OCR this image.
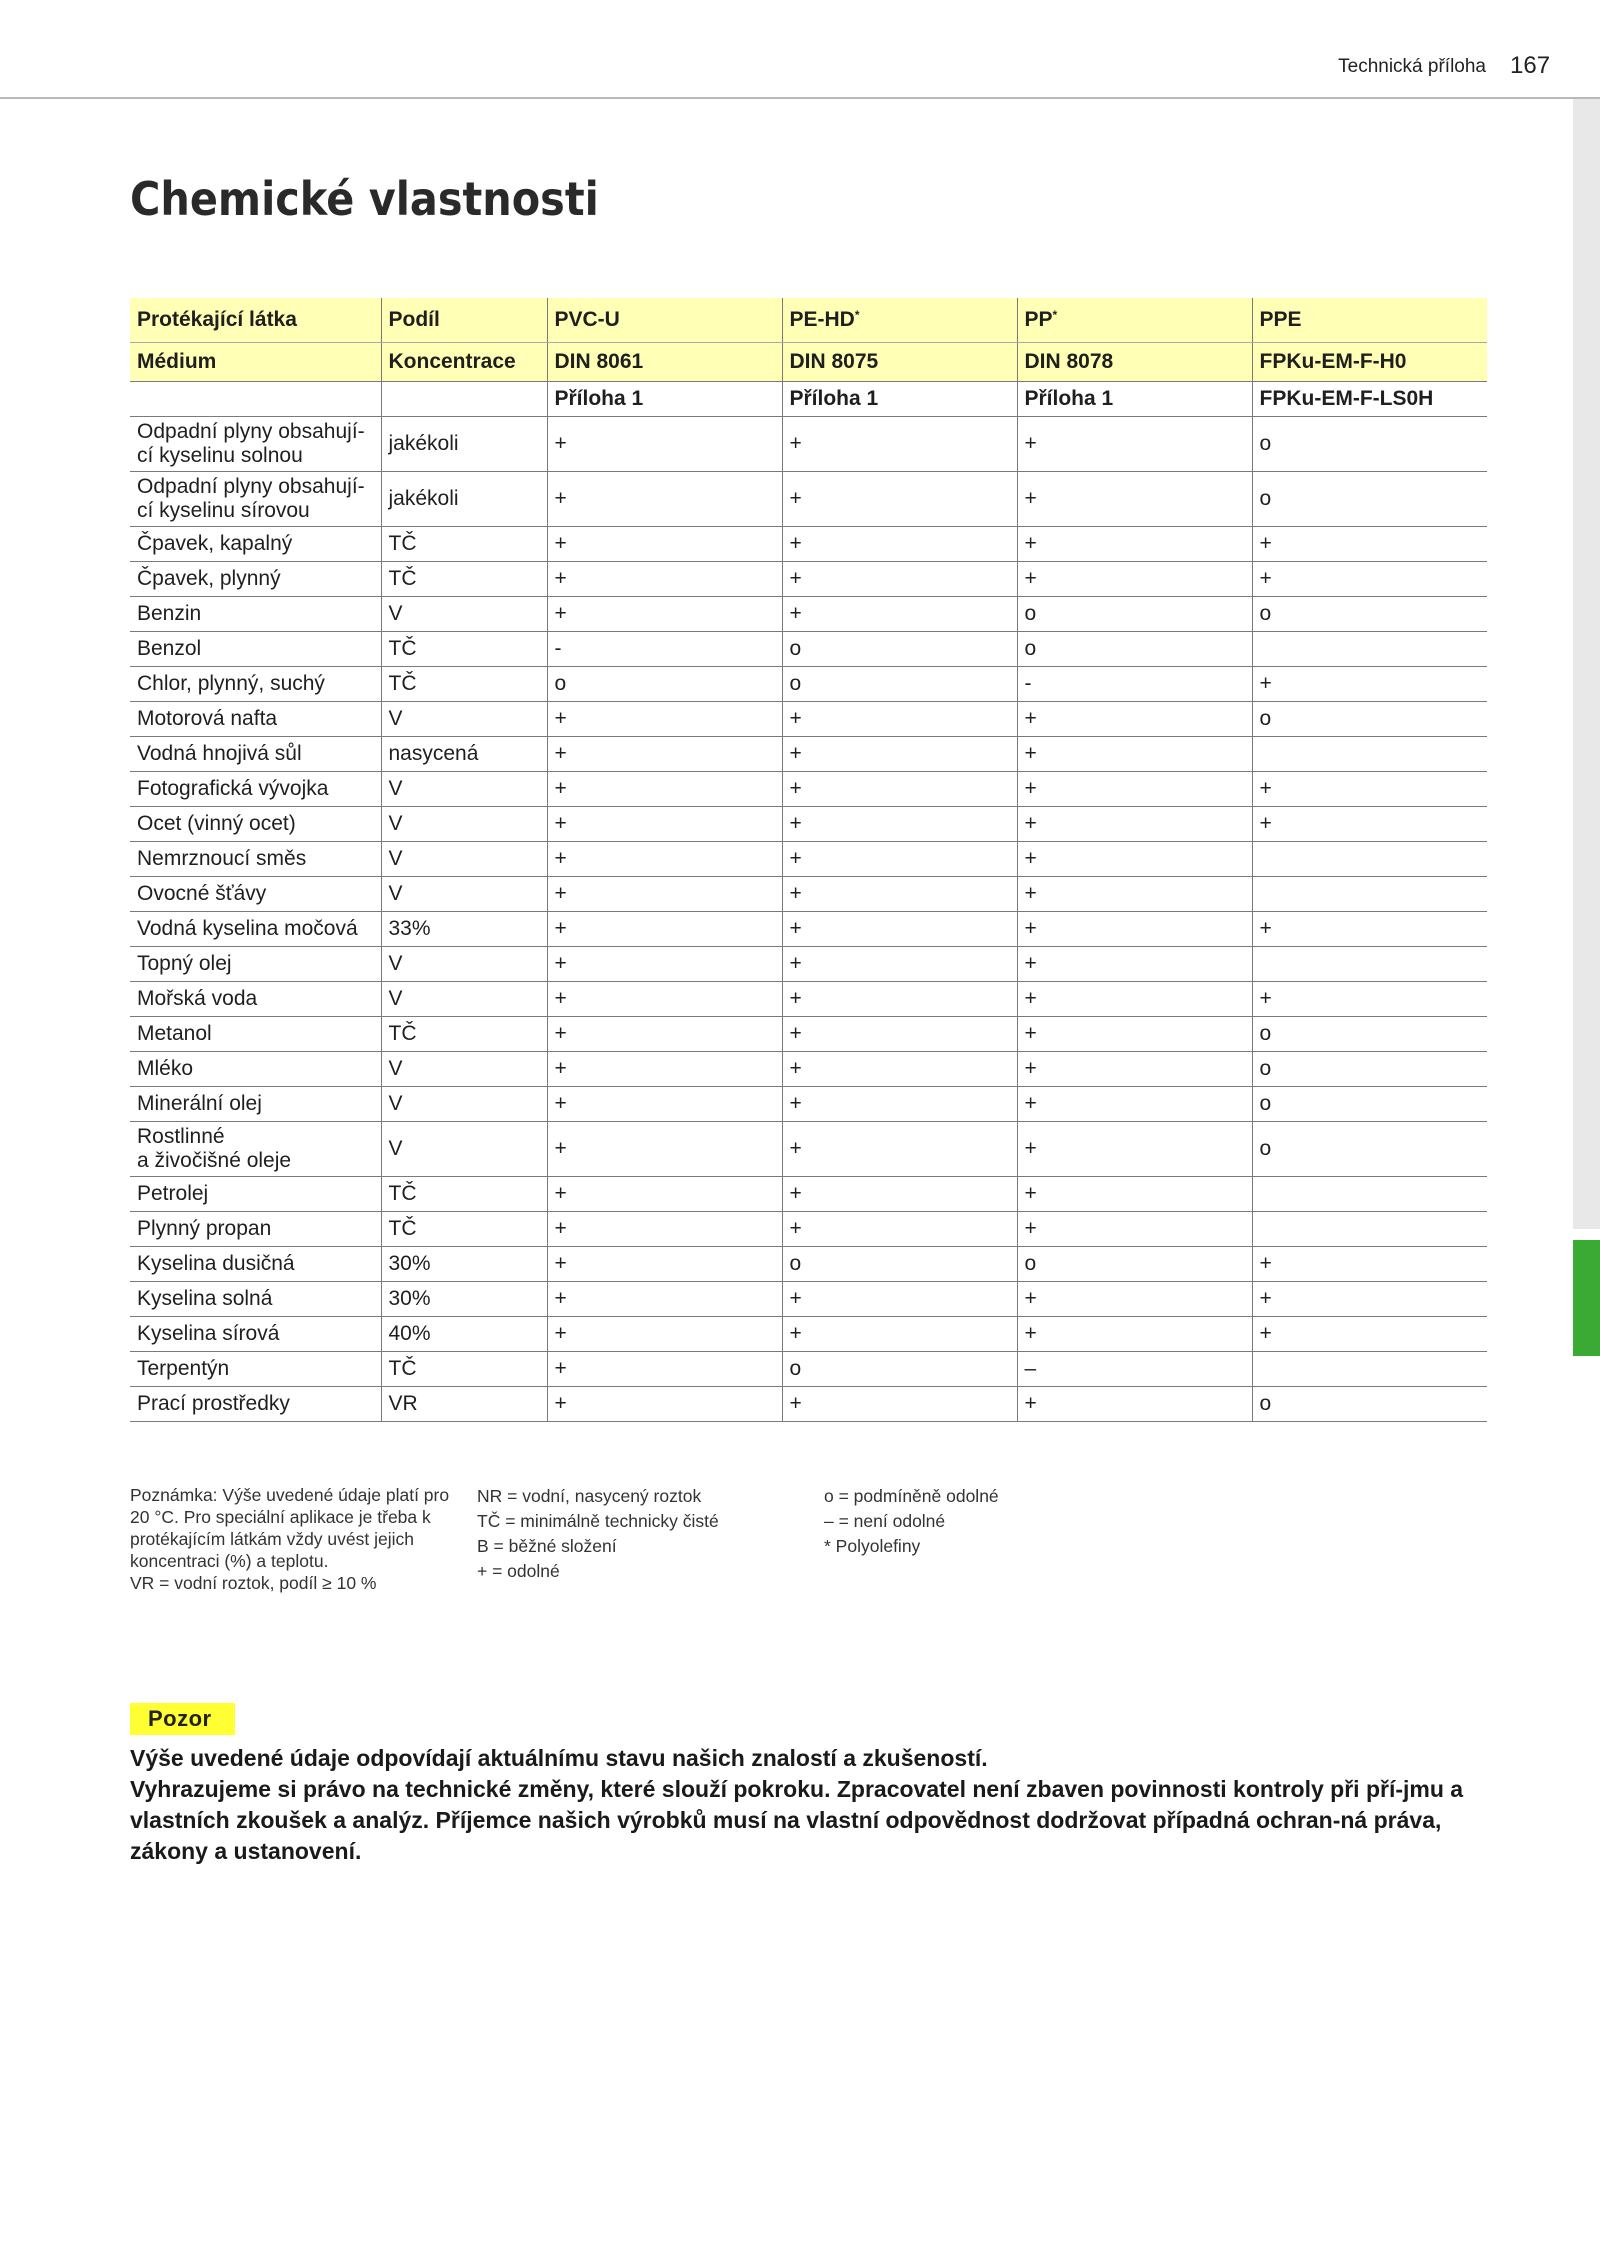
Technická příloha 167
Chemické vlastnosti
Protékající látka	Podíl	PVC-U	PE-HD*	PP*	PPE
Médium	Koncentrace	DIN 8061	DIN 8075	DIN 8078	FPKu-EM-F-H0
		Příloha 1	Příloha 1	Příloha 1	FPKu-EM-F-LS0H
Odpadní plyny obsahují-
cí kyselinu solnou	jakékoli	+	+	+	o
Odpadní plyny obsahují-
cí kyselinu sírovou	jakékoli	+	+	+	o
Čpavek, kapalný	TČ	+	+	+	+
Čpavek, plynný	TČ	+	+	+	+
Benzin	V	+	+	o	o
Benzol	TČ	-	o	o	
Chlor, plynný, suchý	TČ	o	o	-	+
Motorová nafta	V	+	+	+	o
Vodná hnojivá sůl	nasycená	+	+	+	
Fotografická vývojka	V	+	+	+	+
Ocet (vinný ocet)	V	+	+	+	+
Nemrznoucí směs	V	+	+	+	
Ovocné šťávy	V	+	+	+	
Vodná kyselina močová	33%	+	+	+	+
Topný olej	V	+	+	+	
Mořská voda	V	+	+	+	+
Metanol	TČ	+	+	+	o
Mléko	V	+	+	+	o
Minerální olej	V	+	+	+	o
Rostlinné
a živočišné oleje	V	+	+	+	o
Petrolej	TČ	+	+	+	
Plynný propan	TČ	+	+	+	
Kyselina dusičná	30%	+	o	o	+
Kyselina solná	30%	+	+	+	+
Kyselina sírová	40%	+	+	+	+
Terpentýn	TČ	+	o	–	
Prací prostředky	VR	+	+	+	o
Poznámka: Výše uvedené údaje platí pro 20 °C. Pro speciální aplikace je třeba k protékajícím látkám vždy uvést jejich koncentraci (%) a teplotu.
VR = vodní roztok, podíl ≥ 10 %
NR = vodní, nasycený roztok
TČ = minimálně technicky čisté
B = běžné složení
+ = odolné
o = podmíněně odolné
– = není odolné
* Polyolefiny
Pozor

Výše uvedené údaje odpovídají aktuálnímu stavu našich znalostí a zkušeností.

Vyhrazujeme si právo na technické změny, které slouží pokroku. Zpracovatel není zbaven povinnosti kontroly při pří-jmu a vlastních zkoušek a analýz. Příjemce našich výrobků musí na vlastní odpovědnost dodržovat případná ochran-ná práva, zákony a ustanovení.
